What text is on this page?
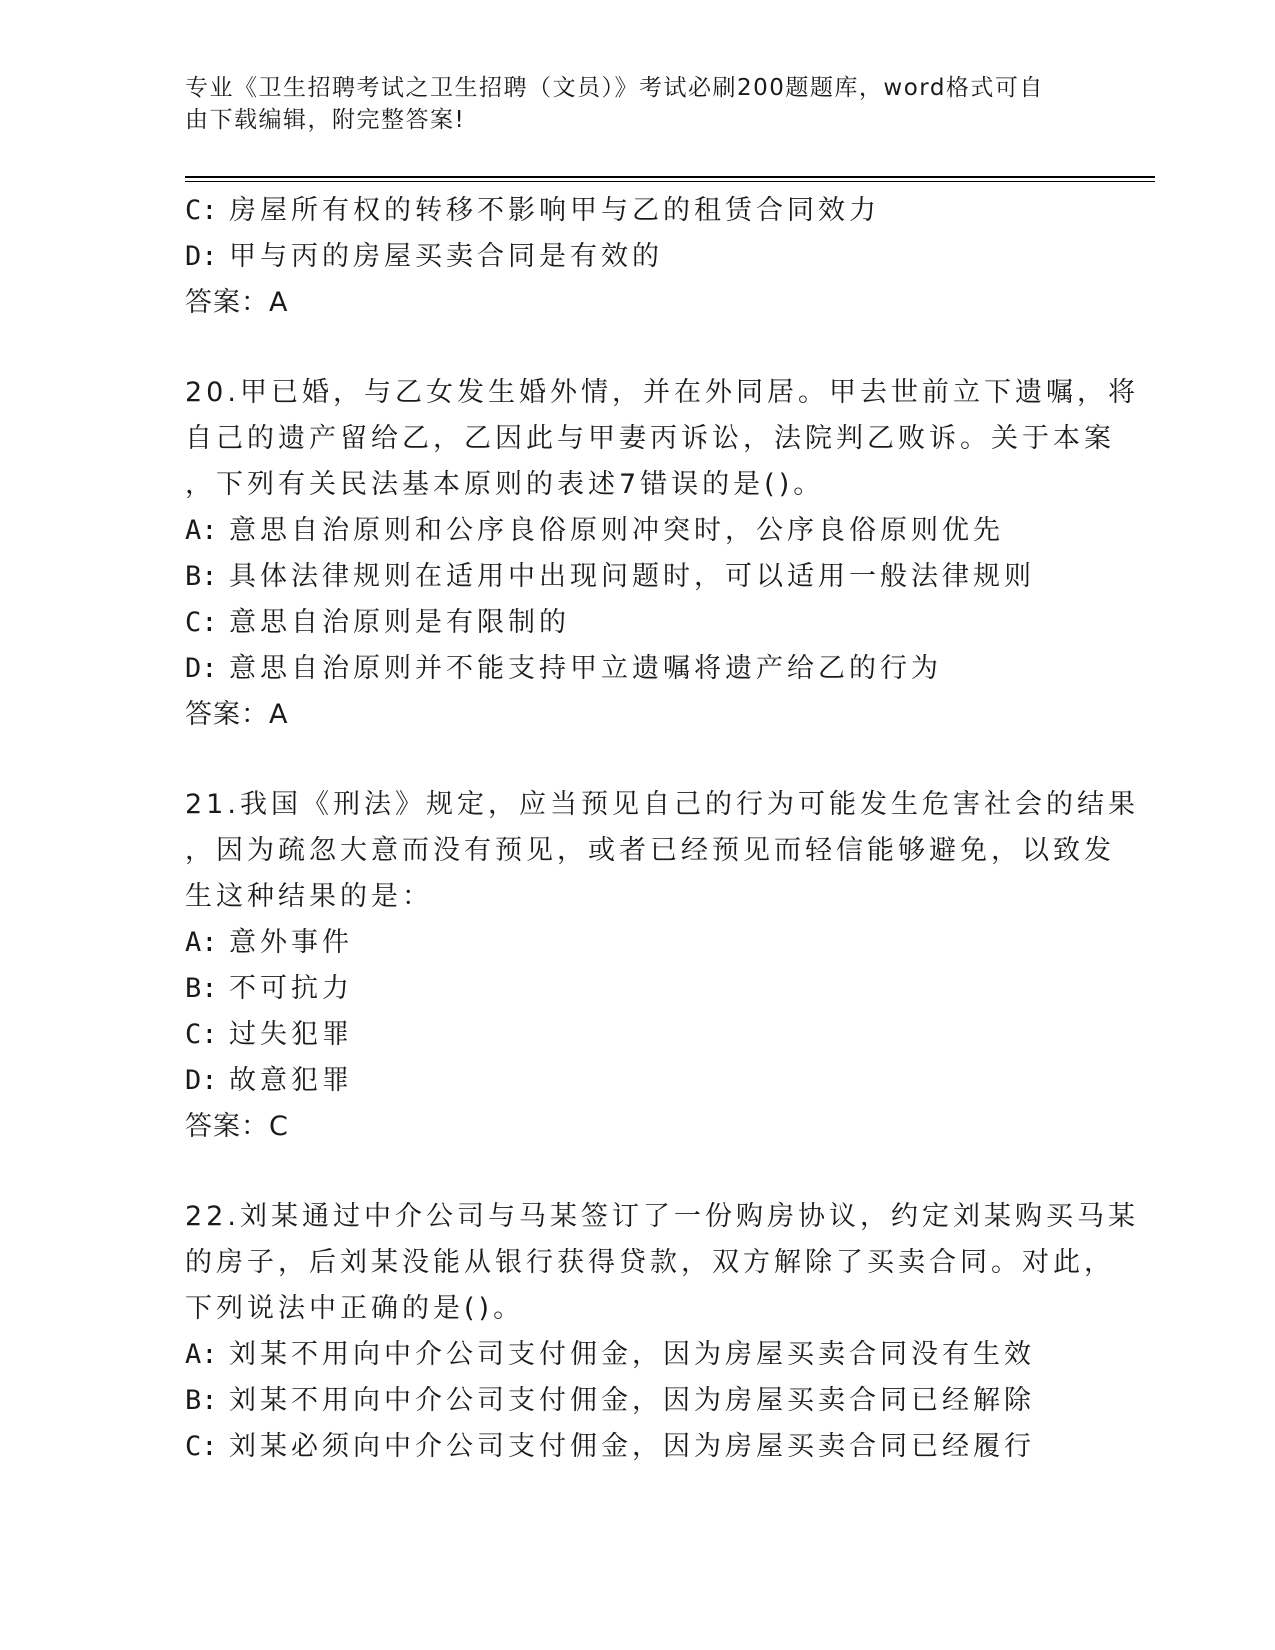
专业《卫生招聘考试之卫生招聘（文员）》考试必刷200题题库，word格式可自
由下载编辑，附完整答案!
C: 房屋所有权的转移不影响甲与乙的租赁合同效力
D: 甲与丙的房屋买卖合同是有效的
答案：A
20.甲已婚，与乙女发生婚外情，并在外同居。甲去世前立下遗嘱，将
自己的遗产留给乙，乙因此与甲妻丙诉讼，法院判乙败诉。关于本案
，下列有关民法基本原则的表述7错误的是()。
A: 意思自治原则和公序良俗原则冲突时，公序良俗原则优先
B: 具体法律规则在适用中出现问题时，可以适用一般法律规则
C: 意思自治原则是有限制的
D: 意思自治原则并不能支持甲立遗嘱将遗产给乙的行为
答案：A
21.我国《刑法》规定，应当预见自己的行为可能发生危害社会的结果
，因为疏忽大意而没有预见，或者已经预见而轻信能够避免，以致发
生这种结果的是：
A: 意外事件
B: 不可抗力
C: 过失犯罪
D: 故意犯罪
答案：C
22.刘某通过中介公司与马某签订了一份购房协议，约定刘某购买马某
的房子，后刘某没能从银行获得贷款，双方解除了买卖合同。对此，
下列说法中正确的是()。
A: 刘某不用向中介公司支付佣金，因为房屋买卖合同没有生效
B: 刘某不用向中介公司支付佣金，因为房屋买卖合同已经解除
C: 刘某必须向中介公司支付佣金，因为房屋买卖合同已经履行
